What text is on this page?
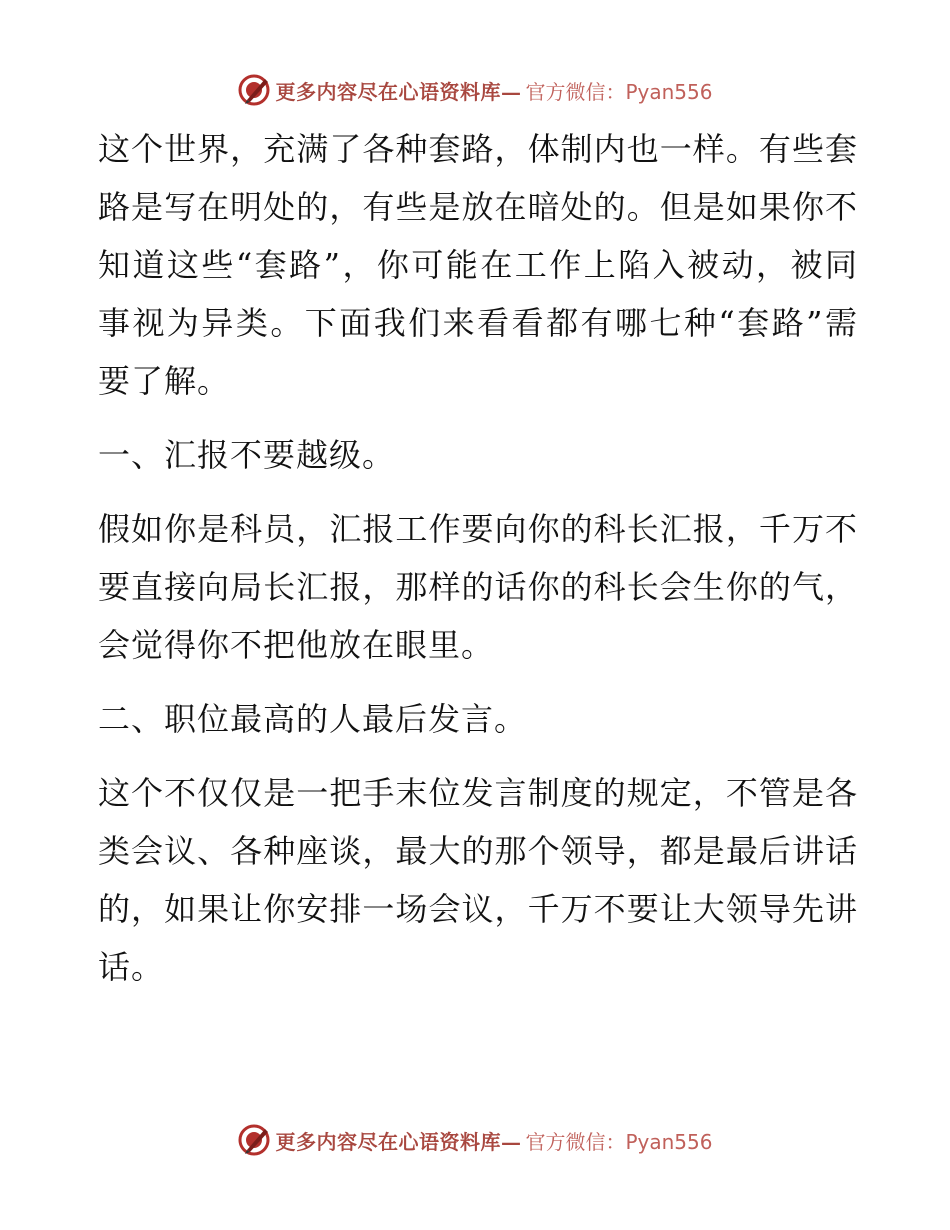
更多内容尽在心语资料库— 官方微信：Pyan556

这个世界，充满了各种套路，体制内也一样。有些套路是写在明处的，有些是放在暗处的。但是如果你不知道这些“套路”，你可能在工作上陷入被动，被同事视为异类。下面我们来看看都有哪七种“套路”需要了解。

一、汇报不要越级。

假如你是科员，汇报工作要向你的科长汇报，千万不要直接向局长汇报，那样的话你的科长会生你的气，会觉得你不把他放在眼里。

二、职位最高的人最后发言。

这个不仅仅是一把手末位发言制度的规定，不管是各类会议、各种座谈，最大的那个领导，都是最后讲话的，如果让你安排一场会议，千万不要让大领导先讲话。

更多内容尽在心语资料库— 官方微信：Pyan556
